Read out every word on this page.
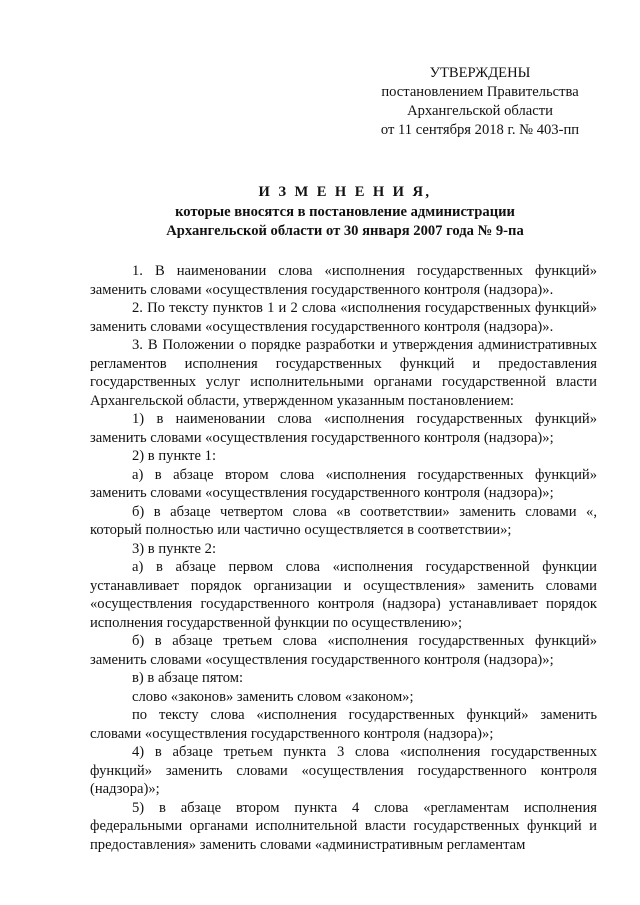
УТВЕРЖДЕНЫ
постановлением Правительства
Архангельской области
от 11 сентября 2018 г. № 403-пп
И З М Е Н Е Н И Я,
которые вносятся в постановление администрации
Архангельской области от 30 января 2007 года № 9-па

1. В наименовании слова «исполнения государственных функций» заменить словами «осуществления государственного контроля (надзора)».

2. По тексту пунктов 1 и 2 слова «исполнения государственных функций» заменить словами «осуществления государственного контроля (надзора)».

3. В Положении о порядке разработки и утверждения административных регламентов исполнения государственных функций и предоставления государственных услуг исполнительными органами государственной власти Архангельской области, утвержденном указанным постановлением:

1) в наименовании слова «исполнения государственных функций» заменить словами «осуществления государственного контроля (надзора)»;

2) в пункте 1:

а) в абзаце втором слова «исполнения государственных функций» заменить словами «осуществления государственного контроля (надзора)»;

б) в абзаце четвертом слова «в соответствии» заменить словами «, который полностью или частично осуществляется в соответствии»;

3) в пункте 2:

а) в абзаце первом слова «исполнения государственной функции устанавливает порядок организации и осуществления» заменить словами «осуществления государственного контроля (надзора) устанавливает порядок исполнения государственной функции по осуществлению»;

б) в абзаце третьем слова «исполнения государственных функций» заменить словами «осуществления государственного контроля (надзора)»;

в) в абзаце пятом:

слово «законов» заменить словом «законом»;

по тексту слова «исполнения государственных функций» заменить словами «осуществления государственного контроля (надзора)»;

4) в абзаце третьем пункта 3 слова «исполнения государственных функций» заменить словами «осуществления государственного контроля (надзора)»;

5) в абзаце втором пункта 4 слова «регламентам исполнения федеральными органами исполнительной власти государственных функций и предоставления» заменить словами «административным регламентам
